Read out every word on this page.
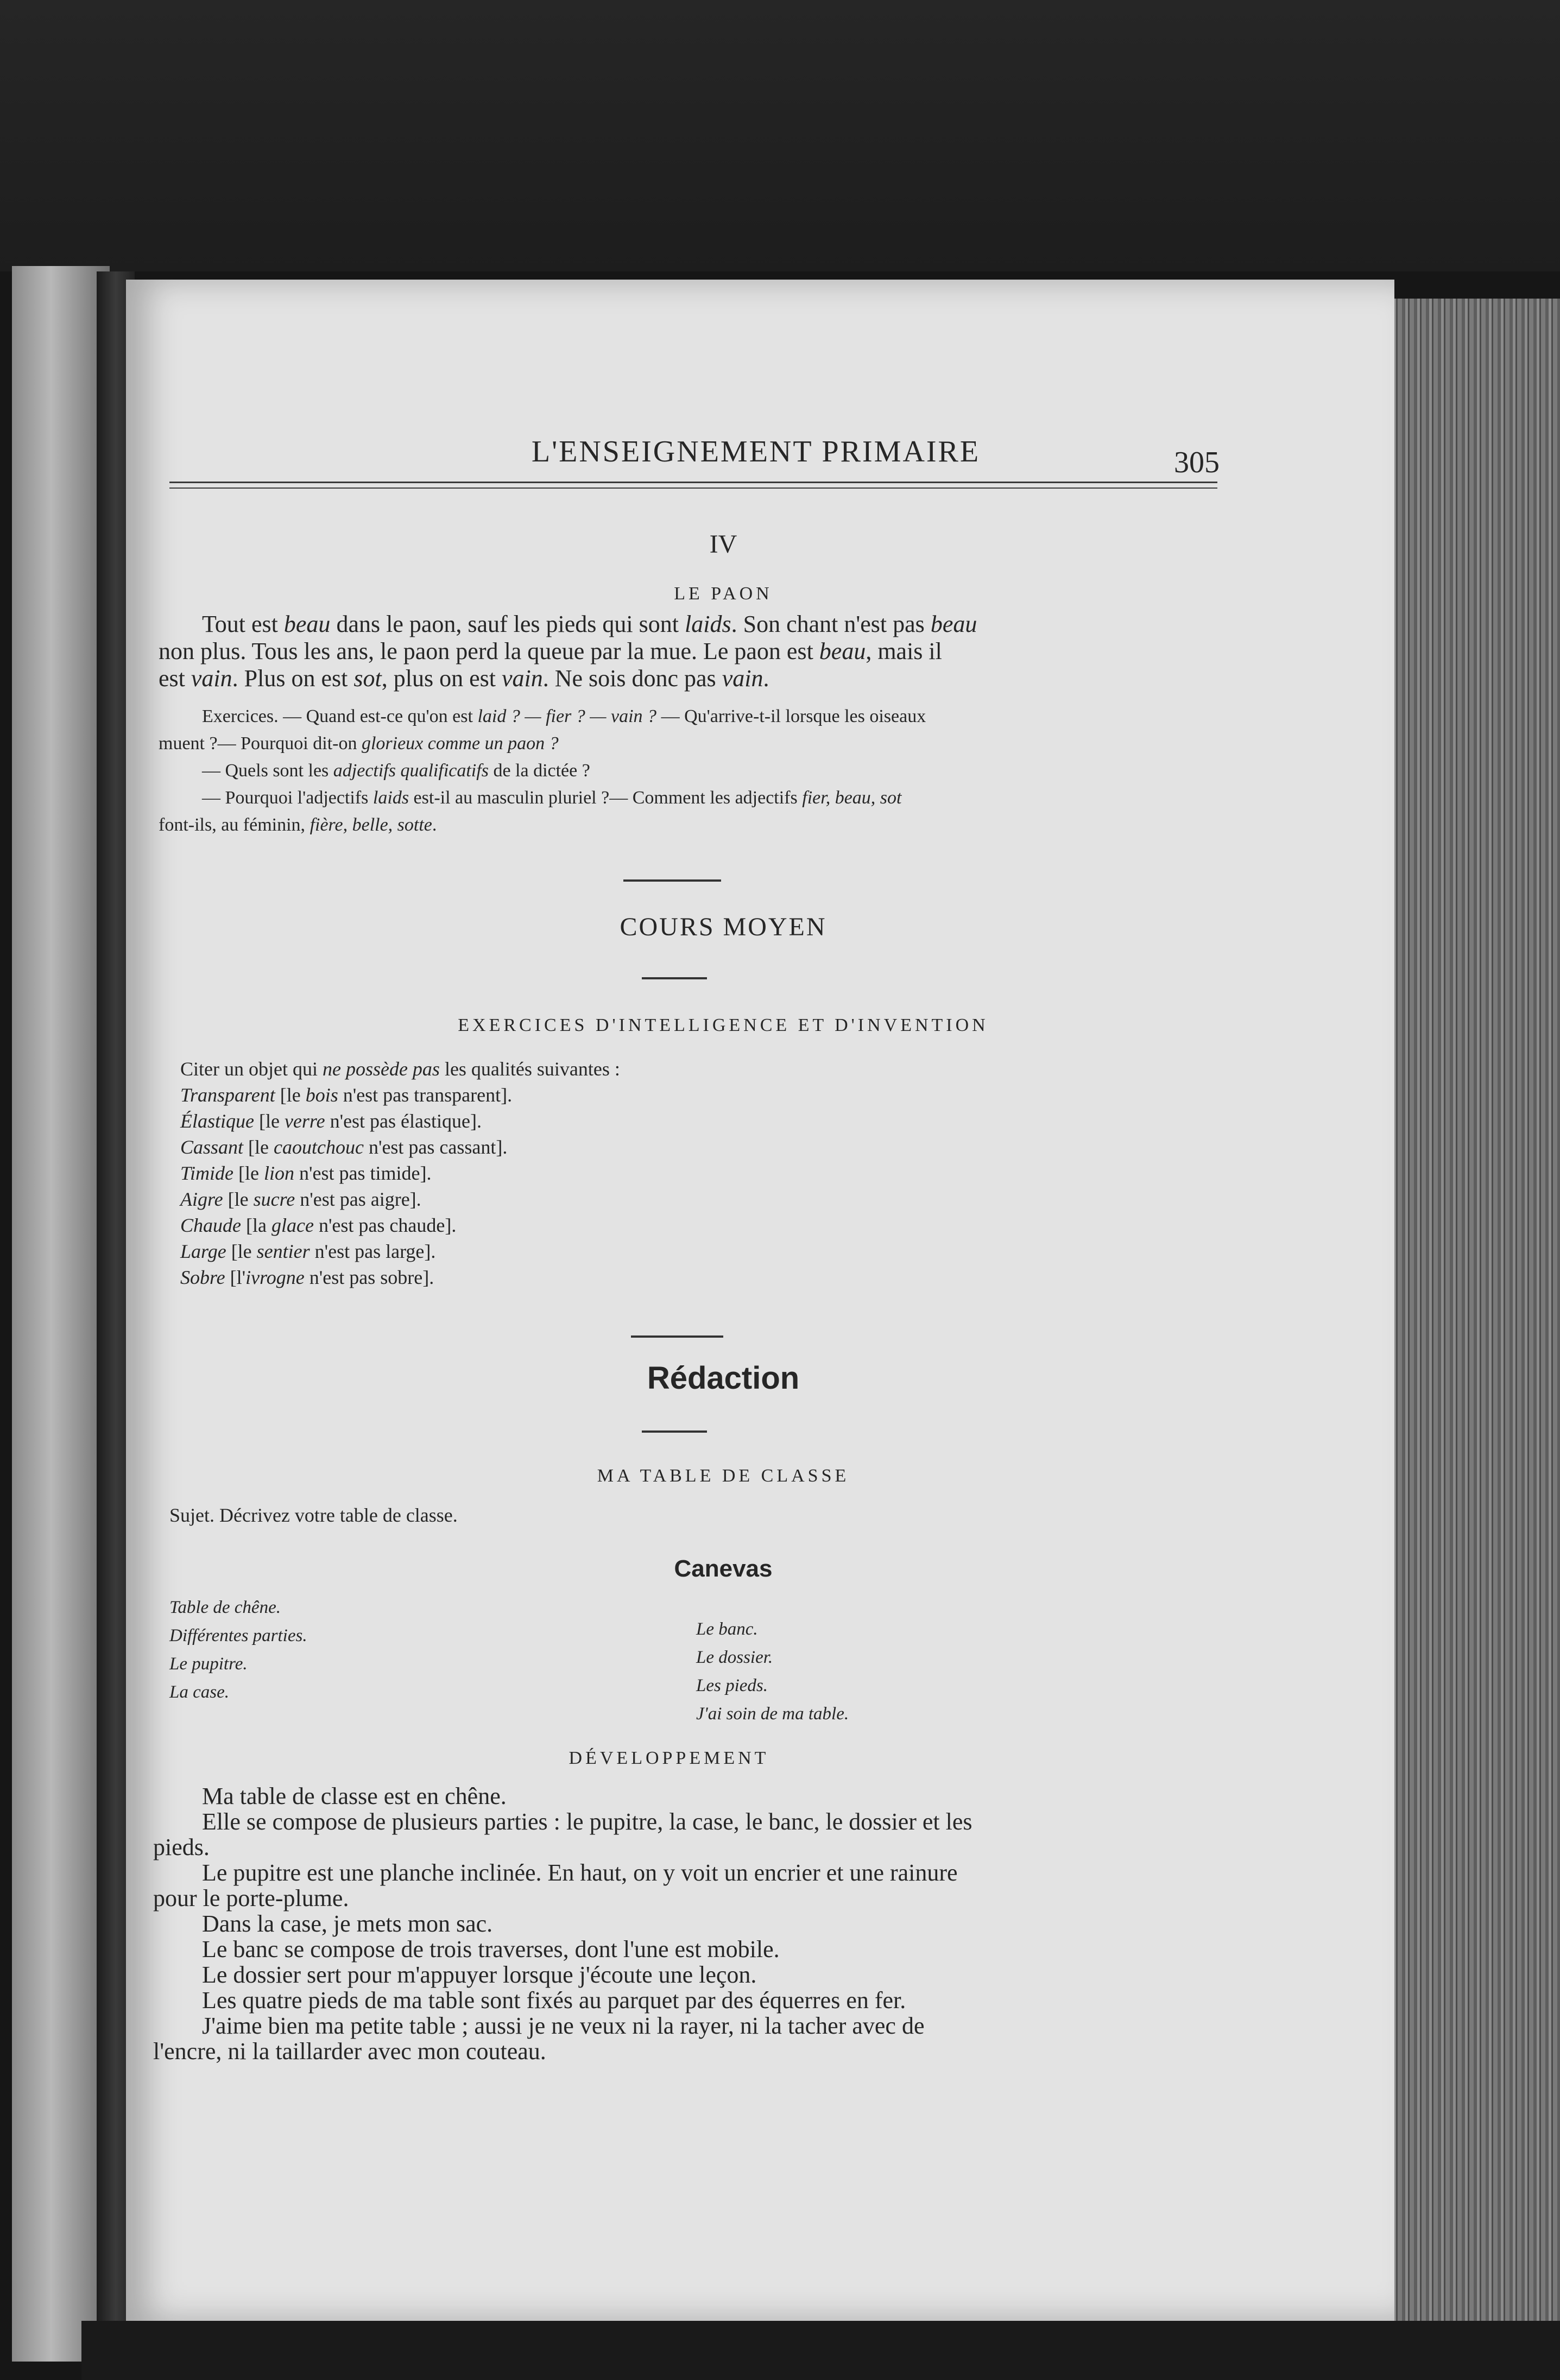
L'ENSEIGNEMENT PRIMAIRE	305
IV
LE PAON
Tout est beau dans le paon, sauf les pieds qui sont laids. Son chant n'est pas beau
non plus. Tous les ans, le paon perd la queue par la mue. Le paon est beau, mais il
est vain. Plus on est sot, plus on est vain. Ne sois donc pas vain.
Exercices. — Quand est-ce qu'on est laid ? — fier ? — vain ? — Qu'arrive-t-il lorsque les oiseaux
muent ?— Pourquoi dit-on glorieux comme un paon ?
— Quels sont les adjectifs qualificatifs de la dictée ?
— Pourquoi l'adjectifs laids est-il au masculin pluriel ?— Comment les adjectifs fier, beau, sot
font-ils, au féminin, fière, belle, sotte.
COURS MOYEN
EXERCICES D'INTELLIGENCE ET D'INVENTION
Citer un objet qui ne possède pas les qualités suivantes :
Transparent [le bois n'est pas transparent].
Élastique [le verre n'est pas élastique].
Cassant [le caoutchouc n'est pas cassant].
Timide [le lion n'est pas timide].
Aigre [le sucre n'est pas aigre].
Chaude [la glace n'est pas chaude].
Large [le sentier n'est pas large].
Sobre [l'ivrogne n'est pas sobre].
Rédaction
MA TABLE DE CLASSE
Sujet. Décrivez votre table de classe.
Canevas
Table de chêne.
Différentes parties.
Le pupitre.
La case.
Le banc.
Le dossier.
Les pieds.
J'ai soin de ma table.
DÉVELOPPEMENT
Ma table de classe est en chêne.
Elle se compose de plusieurs parties : le pupitre, la case, le banc, le dossier et les
pieds.
Le pupitre est une planche inclinée. En haut, on y voit un encrier et une rainure
pour le porte-plume.
Dans la case, je mets mon sac.
Le banc se compose de trois traverses, dont l'une est mobile.
Le dossier sert pour m'appuyer lorsque j'écoute une leçon.
Les quatre pieds de ma table sont fixés au parquet par des équerres en fer.
J'aime bien ma petite table ; aussi je ne veux ni la rayer, ni la tacher avec de
l'encre, ni la taillarder avec mon couteau.
